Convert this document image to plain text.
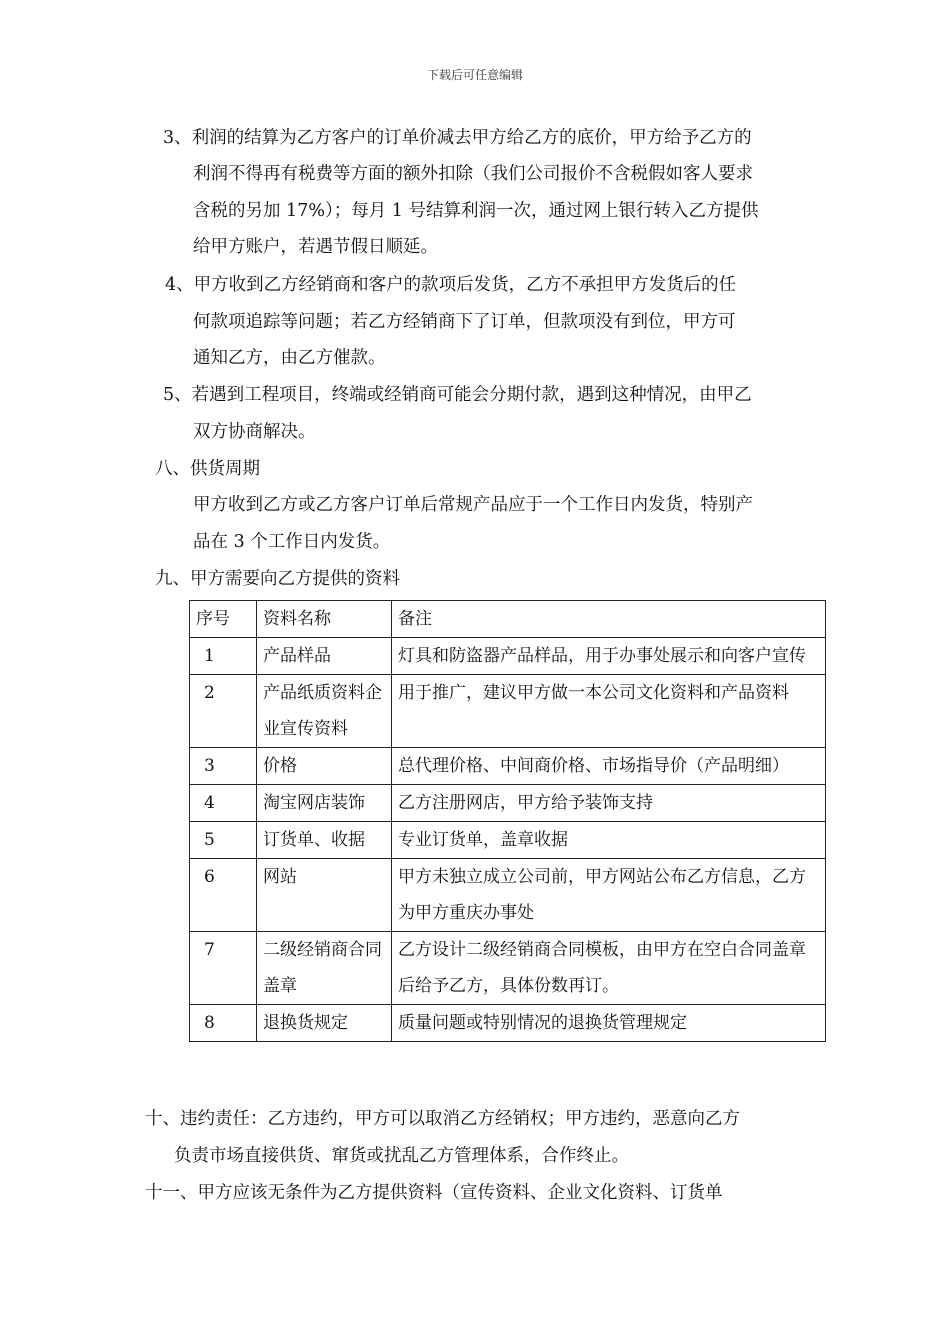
下载后可任意编辑
3、利润的结算为乙方客户的订单价减去甲方给乙方的底价，甲方给予乙方的
利润不得再有税费等方面的额外扣除（我们公司报价不含税假如客人要求
含税的另加 17%）；每月 1 号结算利润一次，通过网上银行转入乙方提供
给甲方账户，若遇节假日顺延。
4、甲方收到乙方经销商和客户的款项后发货，乙方不承担甲方发货后的任
何款项追踪等问题；若乙方经销商下了订单，但款项没有到位，甲方可
通知乙方，由乙方催款。
5、若遇到工程项目，终端或经销商可能会分期付款，遇到这种情况，由甲乙
双方协商解决。
八、供货周期
甲方收到乙方或乙方客户订单后常规产品应于一个工作日内发货，特别产
品在 3 个工作日内发货。
九、甲方需要向乙方提供的资料
序号	资料名称	备注
1	产品样品	灯具和防盗器产品样品，用于办事处展示和向客户宣传
2	产品纸质资料企业宣传资料	用于推广，建议甲方做一本公司文化资料和产品资料
3	价格	总代理价格、中间商价格、市场指导价（产品明细）
4	淘宝网店装饰	乙方注册网店，甲方给予装饰支持
5	订货单、收据	专业订货单，盖章收据
6	网站	甲方未独立成立公司前，甲方网站公布乙方信息，乙方为甲方重庆办事处
7	二级经销商合同盖章	乙方设计二级经销商合同模板，由甲方在空白合同盖章后给予乙方，具体份数再订。
8	退换货规定	质量问题或特别情况的退换货管理规定
十、违约责任：乙方违约，甲方可以取消乙方经销权；甲方违约，恶意向乙方
负责市场直接供货、窜货或扰乱乙方管理体系，合作终止。
十一、甲方应该无条件为乙方提供资料（宣传资料、企业文化资料、订货单
